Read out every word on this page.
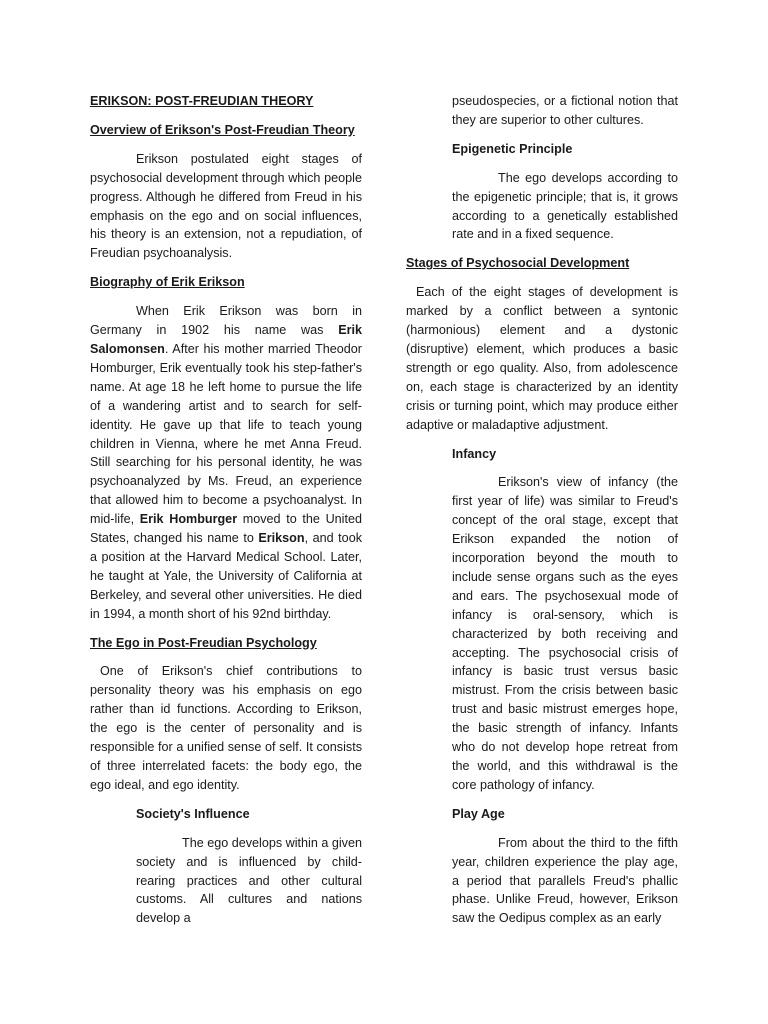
ERIKSON: POST-FREUDIAN THEORY
Overview of Erikson's Post-Freudian Theory

Erikson postulated eight stages of psychosocial development through which people progress. Although he differed from Freud in his emphasis on the ego and on social influences, his theory is an extension, not a repudiation, of Freudian psychoanalysis.

Biography of Erik Erikson

When Erik Erikson was born in Germany in 1902 his name was Erik Salomonsen. After his mother married Theodor Homburger, Erik eventually took his step-father's name. At age 18 he left home to pursue the life of a wandering artist and to search for self-identity. He gave up that life to teach young children in Vienna, where he met Anna Freud. Still searching for his personal identity, he was psychoanalyzed by Ms. Freud, an experience that allowed him to become a psychoanalyst. In mid-life, Erik Homburger moved to the United States, changed his name to Erikson, and took a position at the Harvard Medical School. Later, he taught at Yale, the University of California at Berkeley, and several other universities. He died in 1994, a month short of his 92nd birthday.

The Ego in Post-Freudian Psychology

One of Erikson's chief contributions to personality theory was his emphasis on ego rather than id functions. According to Erikson, the ego is the center of personality and is responsible for a unified sense of self. It consists of three interrelated facets: the body ego, the ego ideal, and ego identity.

Society's Influence

The ego develops within a given society and is influenced by child-rearing practices and other cultural customs. All cultures and nations develop a

pseudospecies, or a fictional notion that they are superior to other cultures.

Epigenetic Principle

The ego develops according to the epigenetic principle; that is, it grows according to a genetically established rate and in a fixed sequence.

Stages of Psychosocial Development

Each of the eight stages of development is marked by a conflict between a syntonic (harmonious) element and a dystonic (disruptive) element, which produces a basic strength or ego quality. Also, from adolescence on, each stage is characterized by an identity crisis or turning point, which may produce either adaptive or maladaptive adjustment.

Infancy

Erikson's view of infancy (the first year of life) was similar to Freud's concept of the oral stage, except that Erikson expanded the notion of incorporation beyond the mouth to include sense organs such as the eyes and ears. The psychosexual mode of infancy is oral-sensory, which is characterized by both receiving and accepting. The psychosocial crisis of infancy is basic trust versus basic mistrust. From the crisis between basic trust and basic mistrust emerges hope, the basic strength of infancy. Infants who do not develop hope retreat from the world, and this withdrawal is the core pathology of infancy.

Play Age

From about the third to the fifth year, children experience the play age, a period that parallels Freud's phallic phase. Unlike Freud, however, Erikson saw the Oedipus complex as an early
